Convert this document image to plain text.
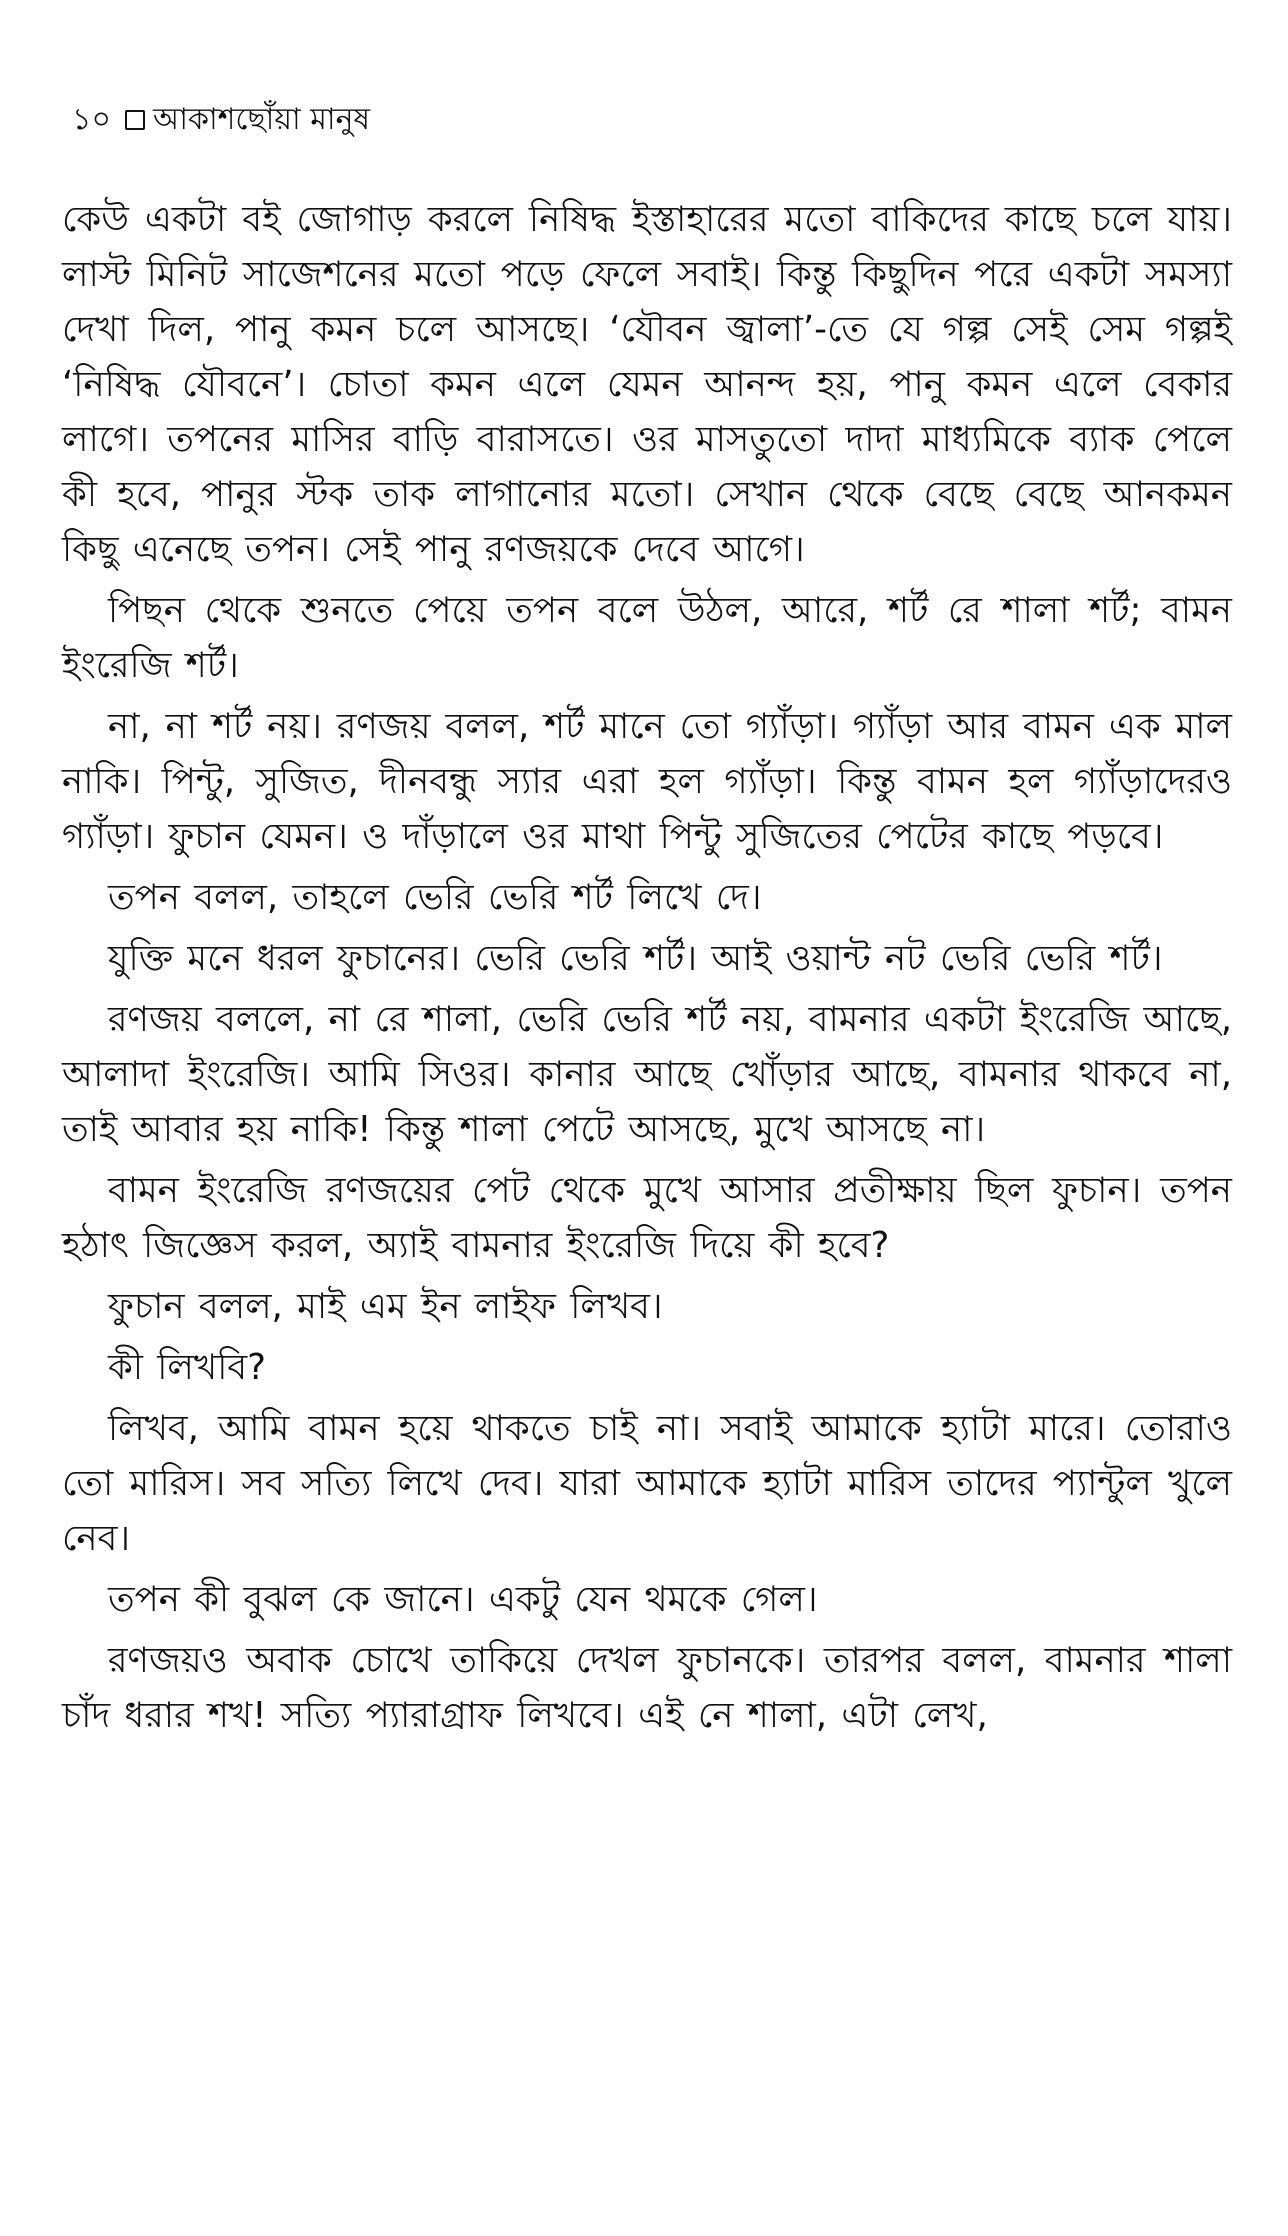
১০ আকাশছোঁয়া মানুষ

কেউ একটা বই জোগাড় করলে নিষিদ্ধ ইস্তাহারের মতো বাকিদের কাছে চলে যায়। লাস্ট মিনিট সাজেশনের মতো পড়ে ফেলে সবাই। কিন্তু কিছুদিন পরে একটা সমস্যা দেখা দিল, পানু কমন চলে আসছে। ‘যৌবন জ্বালা’-তে যে গল্প সেই সেম গল্পই ‘নিষিদ্ধ যৌবনে’। চোতা কমন এলে যেমন আনন্দ হয়, পানু কমন এলে বেকার লাগে। তপনের মাসির বাড়ি বারাসতে। ওর মাসতুতো দাদা মাধ্যমিকে ব্যাক পেলে কী হবে, পানুর স্টক তাক লাগানোর মতো। সেখান থেকে বেছে বেছে আনকমন কিছু এনেছে তপন। সেই পানু রণজয়কে দেবে আগে।

পিছন থেকে শুনতে পেয়ে তপন বলে উঠল, আরে, শর্ট রে শালা শর্ট; বামন ইংরেজি শর্ট।

না, না শর্ট নয়। রণজয় বলল, শর্ট মানে তো গ্যাঁড়া। গ্যাঁড়া আর বামন এক মাল নাকি। পিন্টু, সুজিত, দীনবন্ধু স্যার এরা হল গ্যাঁড়া। কিন্তু বামন হল গ্যাঁড়াদেরও গ্যাঁড়া। ফুচান যেমন। ও দাঁড়ালে ওর মাথা পিন্টু সুজিতের পেটের কাছে পড়বে।

তপন বলল, তাহলে ভেরি ভেরি শর্ট লিখে দে।

যুক্তি মনে ধরল ফুচানের। ভেরি ভেরি শর্ট। আই ওয়ান্ট নট ভেরি ভেরি শর্ট।

রণজয় বললে, না রে শালা, ভেরি ভেরি শর্ট নয়, বামনার একটা ইংরেজি আছে, আলাদা ইংরেজি। আমি সিওর। কানার আছে খোঁড়ার আছে, বামনার থাকবে না, তাই আবার হয় নাকি! কিন্তু শালা পেটে আসছে, মুখে আসছে না।

বামন ইংরেজি রণজয়ের পেট থেকে মুখে আসার প্রতীক্ষায় ছিল ফুচান। তপন হঠাৎ জিজ্ঞেস করল, অ্যাই বামনার ইংরেজি দিয়ে কী হবে?

ফুচান বলল, মাই এম ইন লাইফ লিখব।

কী লিখবি?

লিখব, আমি বামন হয়ে থাকতে চাই না। সবাই আমাকে হ্যাটা মারে। তোরাও তো মারিস। সব সত্যি লিখে দেব। যারা আমাকে হ্যাটা মারিস তাদের প্যান্টুল খুলে নেব।

তপন কী বুঝল কে জানে। একটু যেন থমকে গেল।

রণজয়ও অবাক চোখে তাকিয়ে দেখল ফুচানকে। তারপর বলল, বামনার শালা চাঁদ ধরার শখ! সত্যি প্যারাগ্রাফ লিখবে। এই নে শালা, এটা লেখ,
